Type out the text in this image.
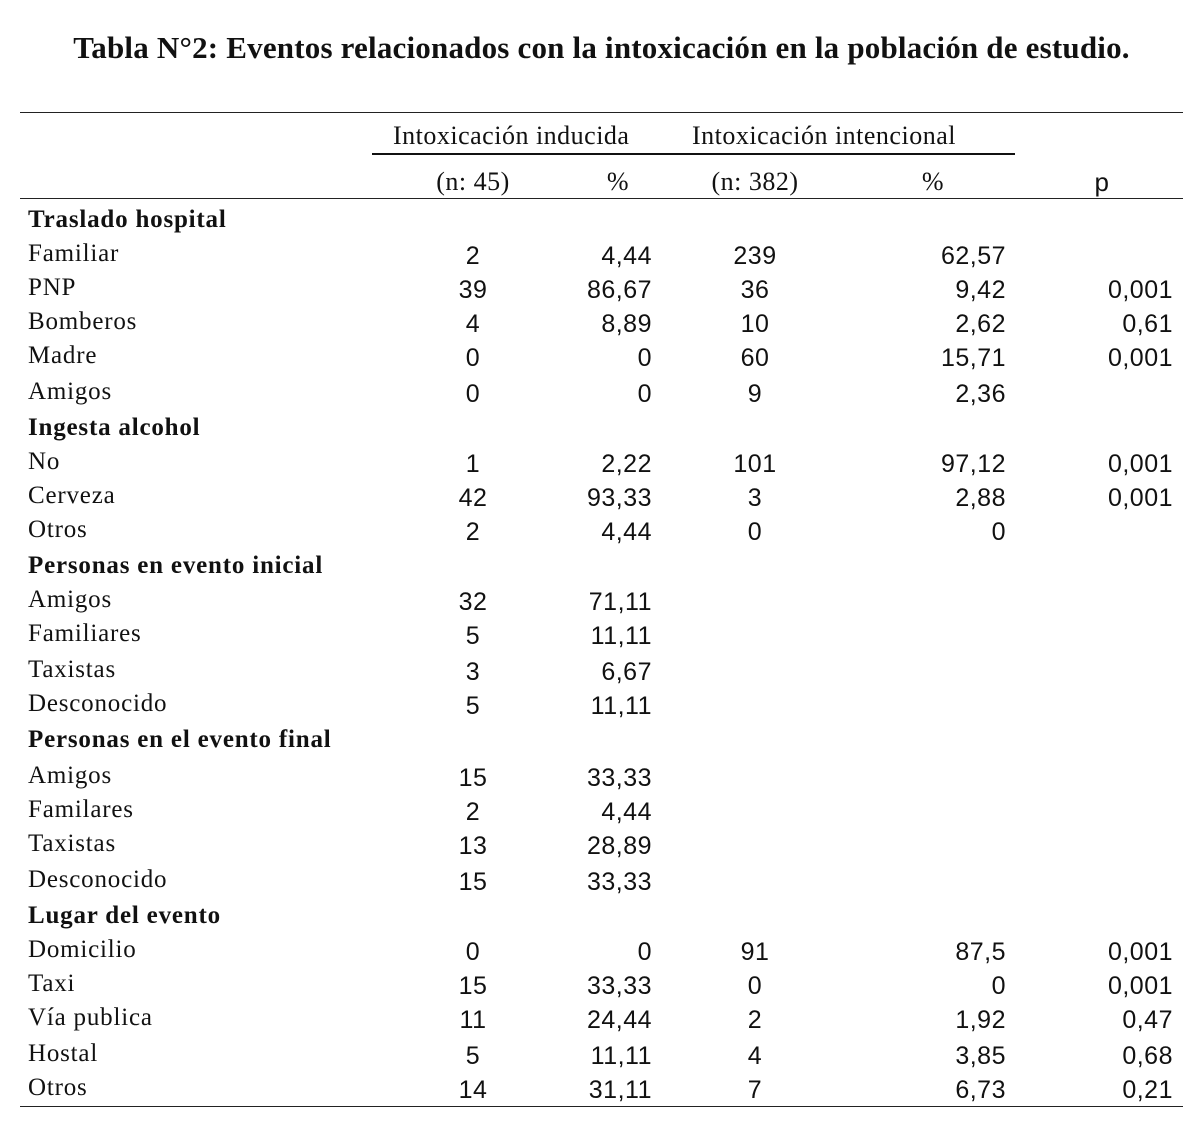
Tabla N°2: Eventos relacionados con la intoxicación en la población de estudio.
Intoxicación inducida Intoxicación intencional
(n: 45)	%	(n: 382)	%	p
Traslado hospital
Familiar	2	4,44	239	62,57
PNP	39	86,67	36	9,42	0,001
Bomberos	4	8,89	10	2,62	0,61
Madre	0	0	60	15,71	0,001
Amigos	0	0	9	2,36
Ingesta alcohol
No	1	2,22	101	97,12	0,001
Cerveza	42	93,33	3	2,88	0,001
Otros	2	4,44	0	0
Personas en evento inicial
Amigos	32	71,11
Familiares	5	11,11
Taxistas	3	6,67
Desconocido	5	11,11
Personas en el evento final
Amigos	15	33,33
Familares	2	4,44
Taxistas	13	28,89
Desconocido	15	33,33
Lugar del evento
Domicilio	0	0	91	87,5	0,001
Taxi	15	33,33	0	0	0,001
Vía publica	11	24,44	2	1,92	0,47
Hostal	5	11,11	4	3,85	0,68
Otros	14	31,11	7	6,73	0,21
